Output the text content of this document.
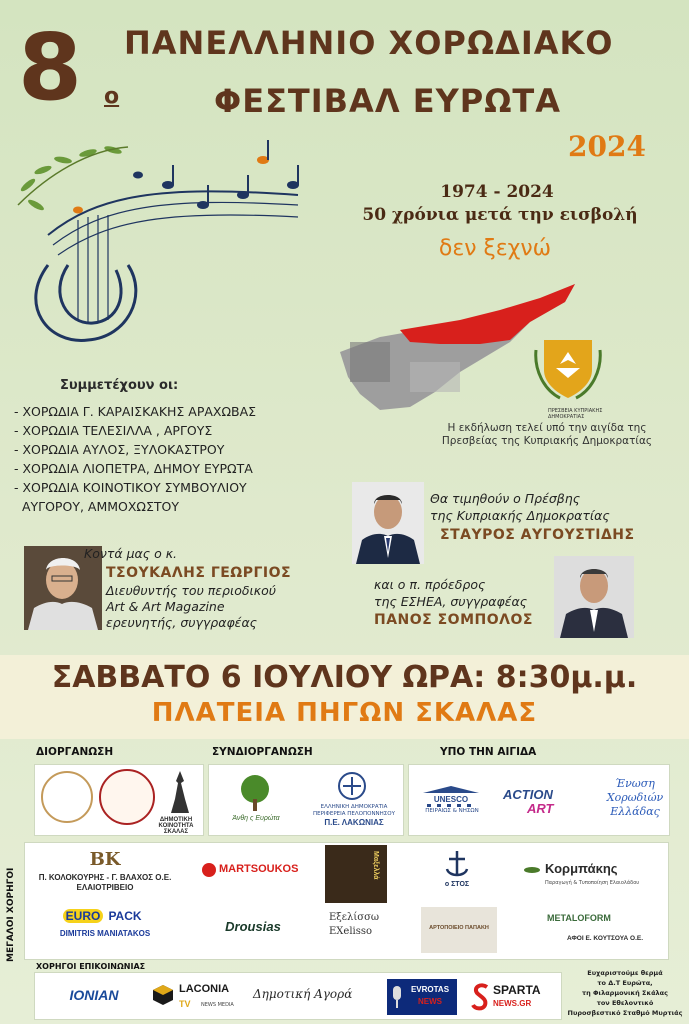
8 ο
ΠΑΝΕΛΛΗΝΙΟ ΧΟΡΩΔΙΑΚΟ
ΦΕΣΤΙΒΑΛ ΕΥΡΩΤΑ
2024
1974 - 2024
50 χρόνια μετά την εισβολή
δεν ξεχνώ
ΠΡΕΣΒΕΙΑ ΚΥΠΡΙΑΚΗΣ ΔΗΜΟΚΡΑΤΙΑΣ
Η εκδήλωση τελεί υπό την αιγίδα της
Πρεσβείας της Κυπριακής Δημοκρατίας
Συμμετέχουν οι:
- ΧΟΡΩΔΙΑ Γ. ΚΑΡΑΙΣΚΑΚΗΣ ΑΡΑΧΩΒΑΣ
- ΧΟΡΩΔΙΑ ΤΕΛΕΣΙΛΛΑ , ΑΡΓΟΥΣ
- ΧΟΡΩΔΙΑ ΑΥΛΟΣ, ΞΥΛΟΚΑΣΤΡΟΥ
- ΧΟΡΩΔΙΑ ΛΙΟΠΕΤΡΑ, ΔΗΜΟΥ ΕΥΡΩΤΑ
- ΧΟΡΩΔΙΑ ΚΟΙΝΟΤΙΚΟΥ ΣΥΜΒΟΥΛΙΟΥ
ΑΥΓΟΡΟΥ, ΑΜΜΟΧΩΣΤΟΥ
Θα τιμηθούν ο Πρέσβης
της Κυπριακής Δημοκρατίας
ΣΤΑΥΡΟΣ ΑΥΓΟΥΣΤΙΔΗΣ
Κοντά μας ο κ.
ΤΣΟΥΚΑΛΗΣ ΓΕΩΡΓΙΟΣ
Διευθυντής του περιοδικού
Art & Art Magazine
ερευνητής, συγγραφέας
και ο π. πρόεδρος
της ΕΣΗΕΑ, συγγραφέας
ΠΑΝΟΣ ΣΟΜΠΟΛΟΣ
ΣΑΒΒΑΤΟ 6 ΙΟΥΛΙΟΥ ΩΡΑ: 8:30μ.μ.
ΠΛΑΤΕΙΑ ΠΗΓΩΝ ΣΚΑΛΑΣ
ΔΙΟΡΓΑΝΩΣΗ	ΣΥΝΔΙΟΡΓΑΝΩΣΗ	ΥΠΟ ΤΗΝ ΑΙΓΙΔΑ
ΔΗΜΟΤΙΚΗ ΚΟΙΝΟΤΗΤΑ ΣΚΑΛΑΣ
Άνθη ς Ευρώτα
ΕΛΛΗΝΙΚΗ ΔΗΜΟΚΡΑΤΙΑ
ΠΕΡΙΦΕΡΕΙΑ ΠΕΛΟΠΟΝΝΗΣΟΥ
Π.Ε. ΛΑΚΩΝΙΑΣ
UNESCO
ΠΕΙΡΑΙΩΣ & ΝΗΣΩΝ
ACTION
ART
Ένωση
Χορωδιών
Ελλάδας
ΜΕΓΑΛΟΙ ΧΟΡΗΓΟΙ
BK
Π. ΚΟΛΟΚΟΥΡΗΣ - Γ. ΒΛΑΧΟΣ Ο.Ε.
ΕΛΑΙΟΤΡΙΒΕΙΟ
MARTSOUKOS	Μαξελλά
ο ΣΤΟΣ
Κορμπάκης
Παραγωγή & Τυποποίηση Ελαιολάδου
EURO PACK
DIMITRIS MANIATAKOS	Drousias
Εξελίσσω
EXelisso	ΑΡΤΟΠΟΙΕΙΟ ΠΑΠΑΚΗ
METALOFORM
ΑΦΟΙ Ε. ΚΟΥΤΣΟΥΑ Ο.Ε.
ΧΟΡΗΓΟΙ ΕΠΙΚΟΙΝΩΝΙΑΣ
IONIAN	LACONIA
TV	NEWS MEDIA
Δημοτική Αγορά	EVROTAS
NEWS
SPARTA
NEWS.GR
Ευχαριστούμε θερμά
το Δ.Τ Ευρώτα,
τη Φιλαρμονική Σκάλας
τον Εθελοντικό
Πυροσβεστικό Σταθμό Μυρτιάς
